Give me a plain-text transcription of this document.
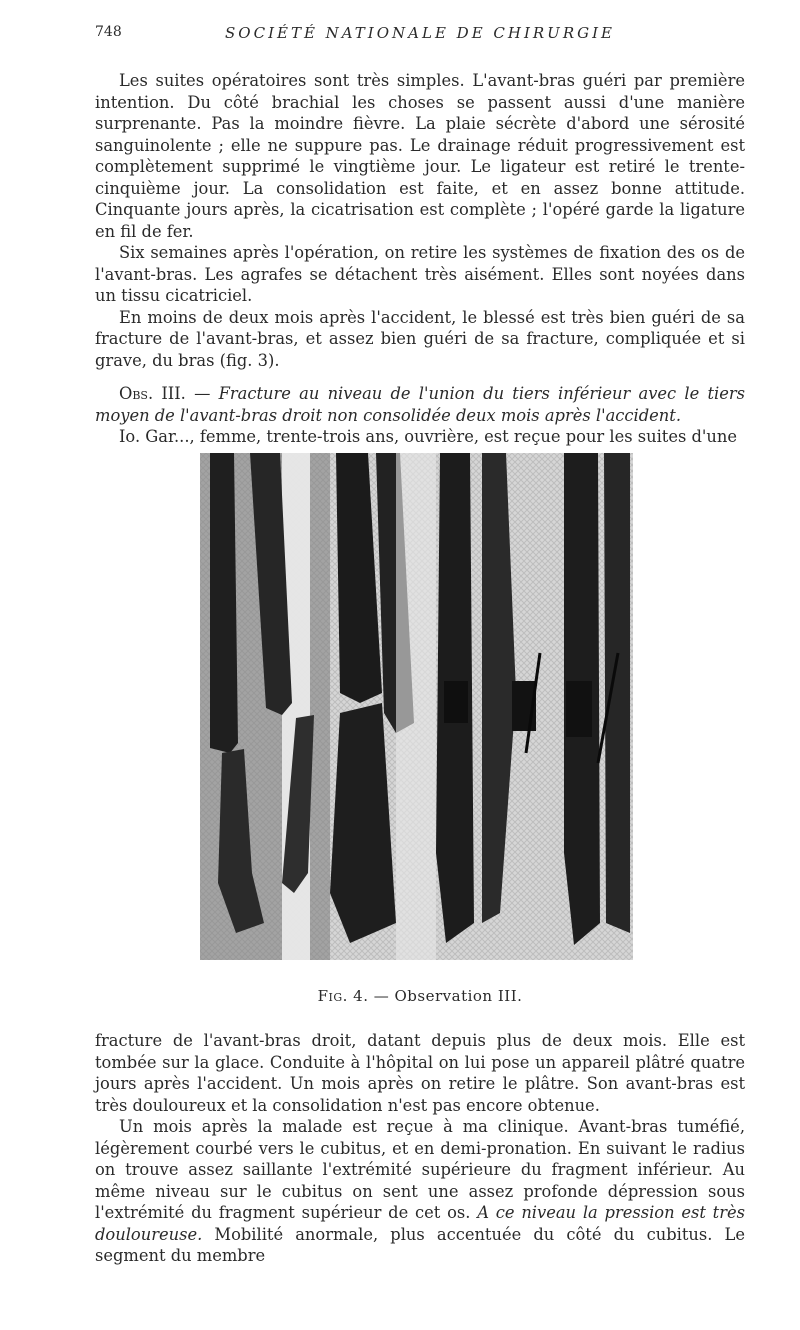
748	SOCIÉTÉ NATIONALE DE CHIRURGIE

Les suites opératoires sont très simples. L'avant-bras guéri par première intention. Du côté brachial les choses se passent aussi d'une manière surprenante. Pas la moindre fièvre. La plaie sécrète d'abord une sérosité sanguinolente ; elle ne suppure pas. Le drainage réduit progressivement est complètement supprimé le vingtième jour. Le ligateur est retiré le trente-cinquième jour. La consolidation est faite, et en assez bonne attitude. Cinquante jours après, la cicatrisation est complète ; l'opéré garde la ligature en fil de fer.

Six semaines après l'opération, on retire les systèmes de fixation des os de l'avant-bras. Les agrafes se détachent très aisément. Elles sont noyées dans un tissu cicatriciel.

En moins de deux mois après l'accident, le blessé est très bien guéri de sa fracture de l'avant-bras, et assez bien guéri de sa fracture, compliquée et si grave, du bras (fig. 3).

Obs. III. — Fracture au niveau de l'union du tiers inférieur avec le tiers moyen de l'avant-bras droit non consolidée deux mois après l'accident.

Io. Gar..., femme, trente-trois ans, ouvrière, est reçue pour les suites d'une

Fig. 4. — Observation III.

fracture de l'avant-bras droit, datant depuis plus de deux mois. Elle est tombée sur la glace. Conduite à l'hôpital on lui pose un appareil plâtré quatre jours après l'accident. Un mois après on retire le plâtre. Son avant-bras est très douloureux et la consolidation n'est pas encore obtenue.

Un mois après la malade est reçue à ma clinique. Avant-bras tuméfié, légèrement courbé vers le cubitus, et en demi-pronation. En suivant le radius on trouve assez saillante l'extrémité supérieure du fragment inférieur. Au même niveau sur le cubitus on sent une assez profonde dépression sous l'extrémité du fragment supérieur de cet os. A ce niveau la pression est très douloureuse. Mobilité anormale, plus accentuée du côté du cubitus. Le segment du membre
